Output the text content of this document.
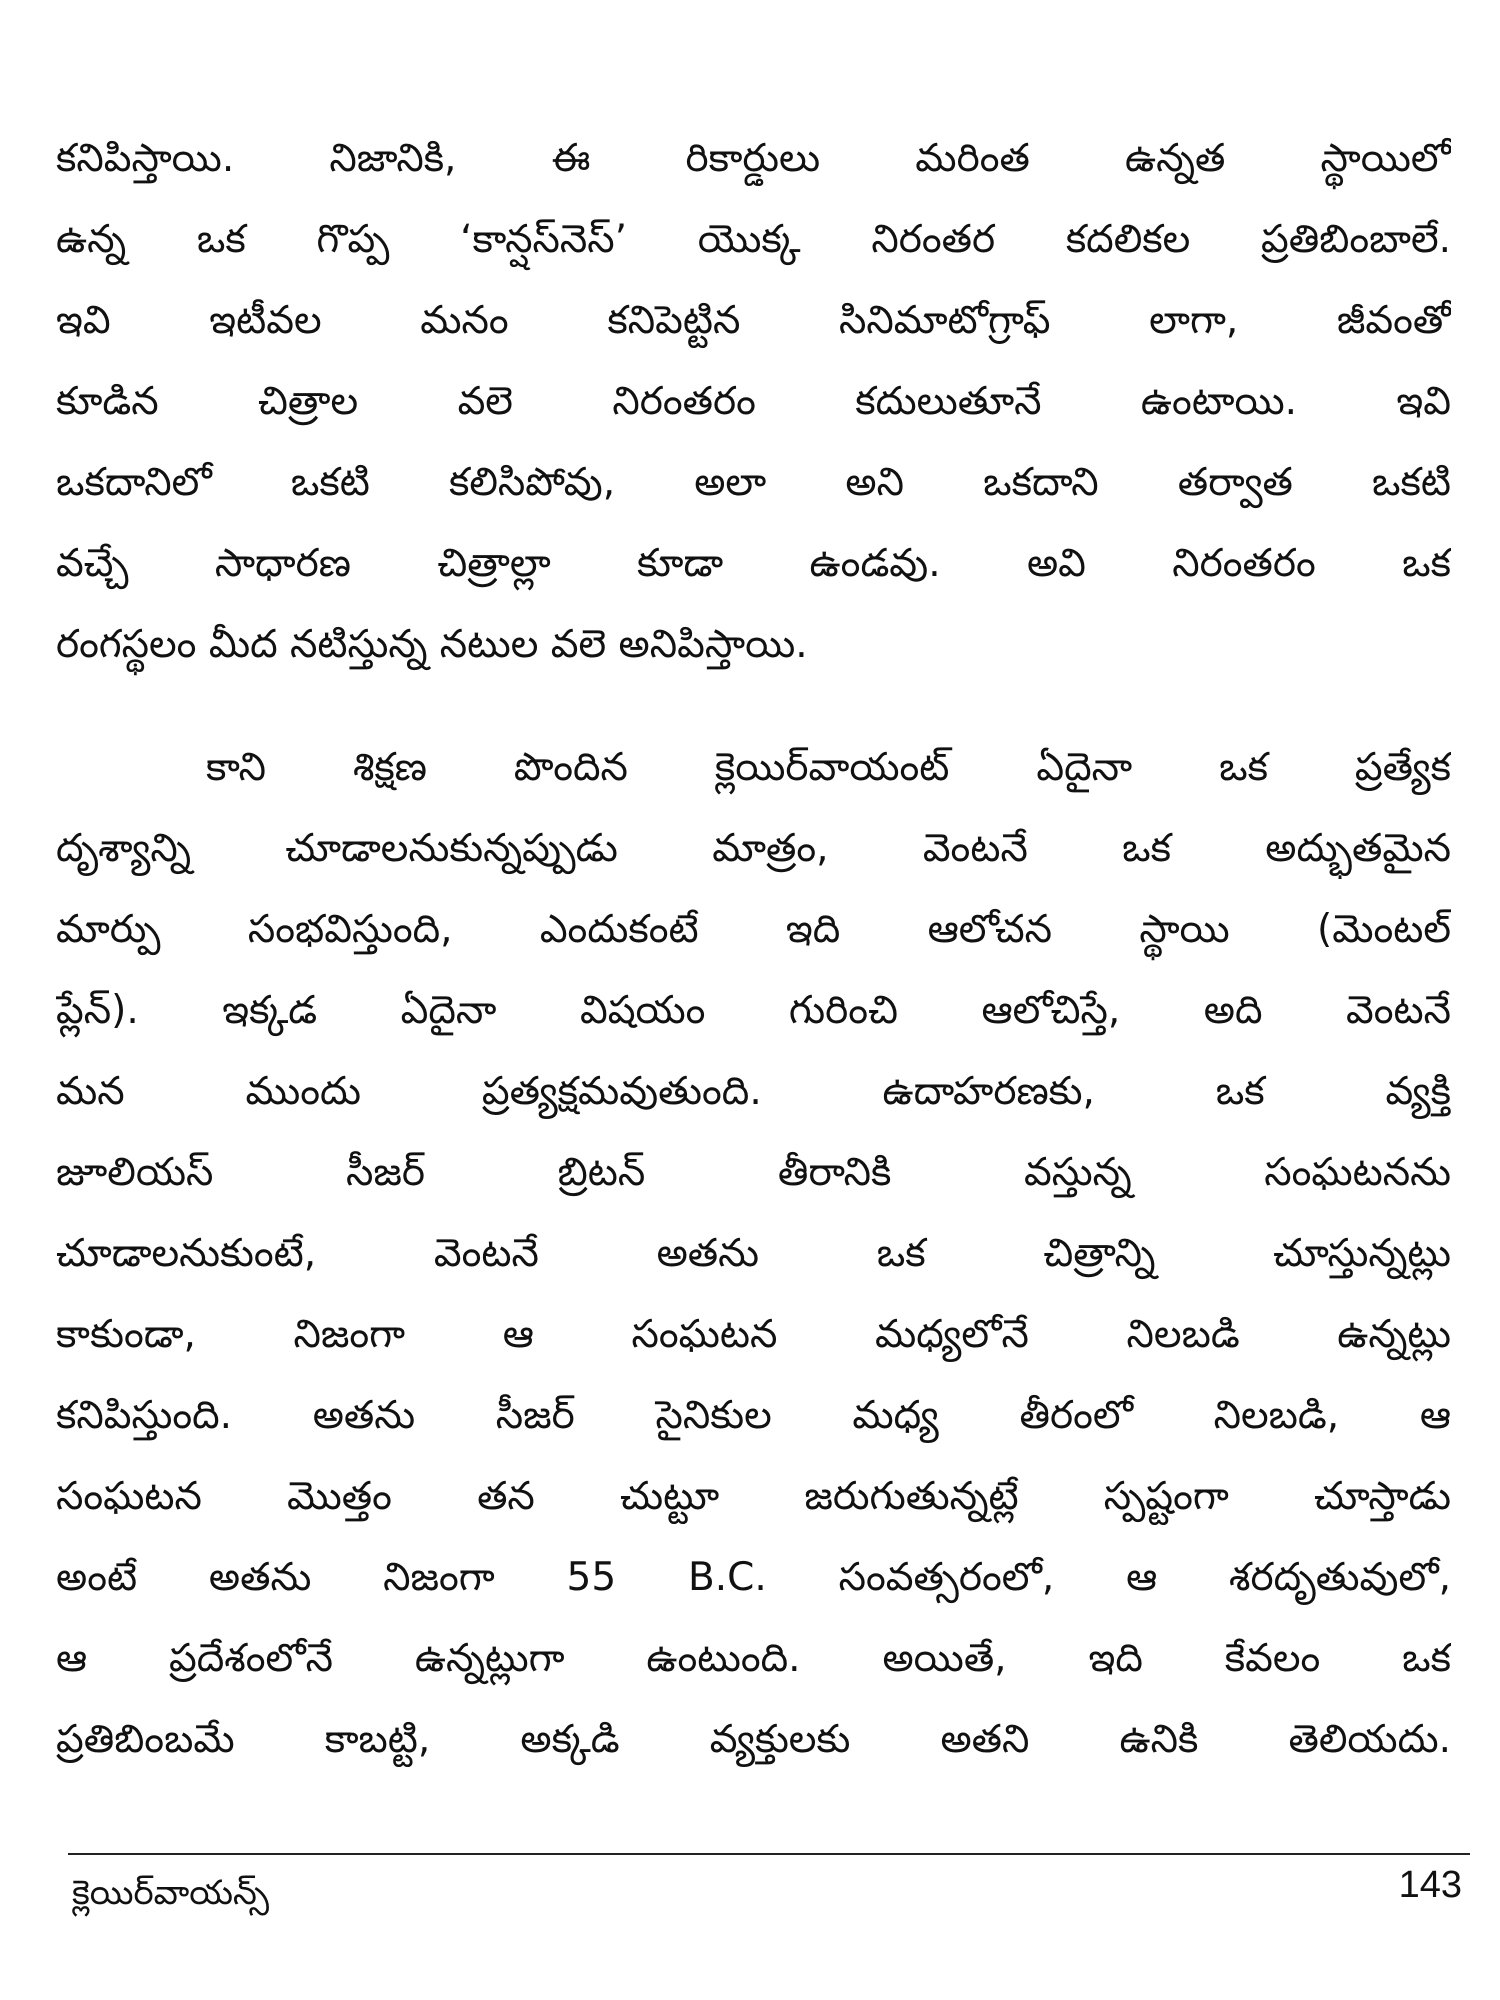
కనిపిస్తాయి. నిజానికి, ఈ రికార్డులు మరింత ఉన్నత స్థాయిలో
ఉన్న ఒక గొప్ప ‘కాన్షస్‌నెస్’ యొక్క నిరంతర కదలికల ప్రతిబింబాలే.
ఇవి ఇటీవల మనం కనిపెట్టిన సినిమాటోగ్రాఫ్ లాగా, జీవంతో
కూడిన చిత్రాల వలె నిరంతరం కదులుతూనే ఉంటాయి. ఇవి
ఒకదానిలో ఒకటి కలిసిపోవు, అలా అని ఒకదాని తర్వాత ఒకటి
వచ్చే సాధారణ చిత్రాల్లా కూడా ఉండవు. అవి నిరంతరం ఒక
రంగస్థలం మీద నటిస్తున్న నటుల వలె అనిపిస్తాయి.
కాని శిక్షణ పొందిన క్లెయిర్‌వాయంట్ ఏదైనా ఒక ప్రత్యేక
దృశ్యాన్ని చూడాలనుకున్నప్పుడు మాత్రం, వెంటనే ఒక అద్భుతమైన
మార్పు సంభవిస్తుంది, ఎందుకంటే ఇది ఆలోచన స్థాయి (మెంటల్
ప్లేన్). ఇక్కడ ఏదైనా విషయం గురించి ఆలోచిస్తే, అది వెంటనే
మన ముందు ప్రత్యక్షమవుతుంది. ఉదాహరణకు, ఒక వ్యక్తి
జూలియస్ సీజర్ బ్రిటన్ తీరానికి వస్తున్న సంఘటనను
చూడాలనుకుంటే, వెంటనే అతను ఒక చిత్రాన్ని చూస్తున్నట్లు
కాకుండా, నిజంగా ఆ సంఘటన మధ్యలోనే నిలబడి ఉన్నట్లు
కనిపిస్తుంది. అతను సీజర్ సైనికుల మధ్య తీరంలో నిలబడి, ఆ
సంఘటన మొత్తం తన చుట్టూ జరుగుతున్నట్లే స్పష్టంగా చూస్తాడు
అంటే అతను నిజంగా 55 B.C. సంవత్సరంలో, ఆ శరదృతువులో,
ఆ ప్రదేశంలోనే ఉన్నట్లుగా ఉంటుంది. అయితే, ఇది కేవలం ఒక
ప్రతిబింబమే కాబట్టి, అక్కడి వ్యక్తులకు అతని ఉనికి తెలియదు.
క్లెయిర్‌వాయన్స్	143
